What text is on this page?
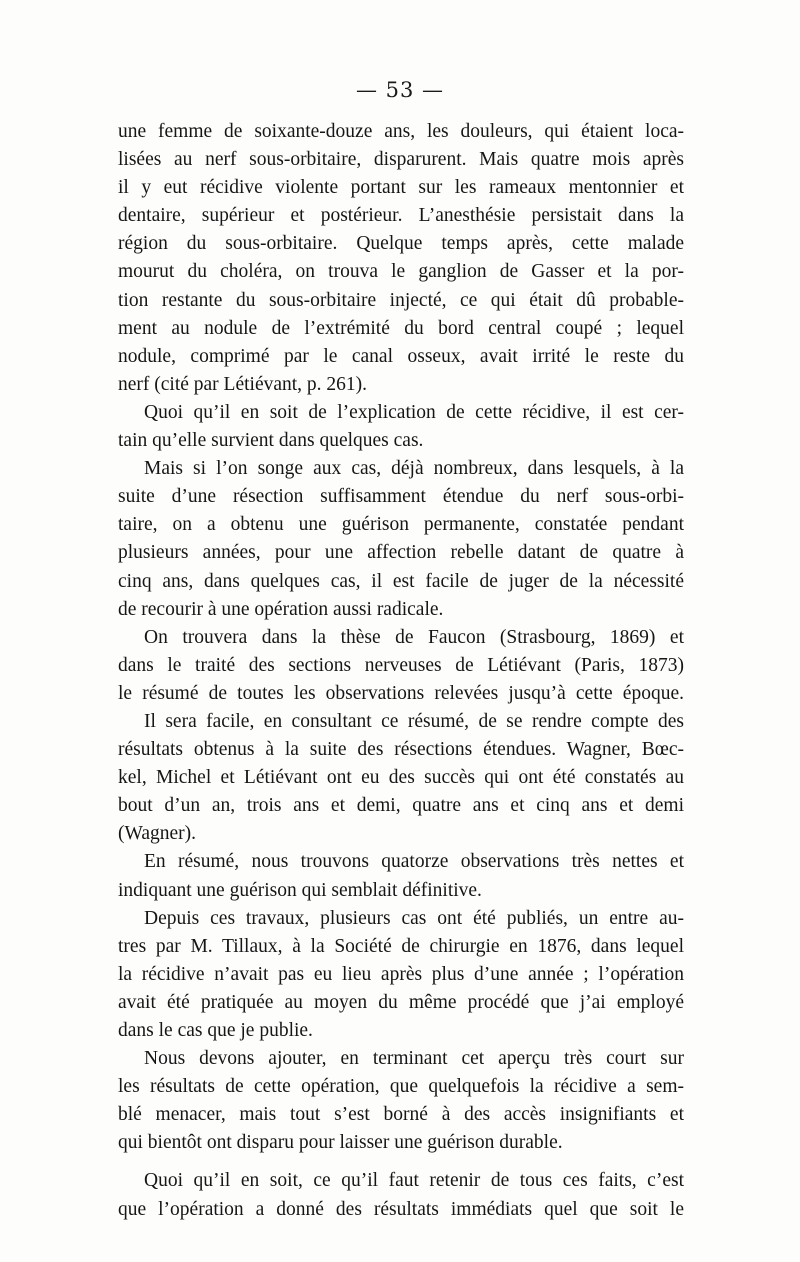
— 53 —
une femme de soixante-douze ans, les douleurs, qui étaient loca-
lisées au nerf sous-orbitaire, disparurent. Mais quatre mois après
il y eut récidive violente portant sur les rameaux mentonnier et
dentaire, supérieur et postérieur. L’anesthésie persistait dans la
région du sous-orbitaire. Quelque temps après, cette malade
mourut du choléra, on trouva le ganglion de Gasser et la por-
tion restante du sous-orbitaire injecté, ce qui était dû probable-
ment au nodule de l’extrémité du bord central coupé ; lequel
nodule, comprimé par le canal osseux, avait irrité le reste du
nerf (cité par Létiévant, p. 261).
Quoi qu’il en soit de l’explication de cette récidive, il est cer-
tain qu’elle survient dans quelques cas.
Mais si l’on songe aux cas, déjà nombreux, dans lesquels, à la
suite d’une résection suffisamment étendue du nerf sous-orbi-
taire, on a obtenu une guérison permanente, constatée pendant
plusieurs années, pour une affection rebelle datant de quatre à
cinq ans, dans quelques cas, il est facile de juger de la nécessité
de recourir à une opération aussi radicale.
On trouvera dans la thèse de Faucon (Strasbourg, 1869) et
dans le traité des sections nerveuses de Létiévant (Paris, 1873)
le résumé de toutes les observations relevées jusqu’à cette époque.
Il sera facile, en consultant ce résumé, de se rendre compte des
résultats obtenus à la suite des résections étendues. Wagner, Bœc-
kel, Michel et Létiévant ont eu des succès qui ont été constatés au
bout d’un an, trois ans et demi, quatre ans et cinq ans et demi
(Wagner).
En résumé, nous trouvons quatorze observations très nettes et
indiquant une guérison qui semblait définitive.
Depuis ces travaux, plusieurs cas ont été publiés, un entre au-
tres par M. Tillaux, à la Société de chirurgie en 1876, dans lequel
la récidive n’avait pas eu lieu après plus d’une année ; l’opération
avait été pratiquée au moyen du même procédé que j’ai employé
dans le cas que je publie.
Nous devons ajouter, en terminant cet aperçu très court sur
les résultats de cette opération, que quelquefois la récidive a sem-
blé menacer, mais tout s’est borné à des accès insignifiants et
qui bientôt ont disparu pour laisser une guérison durable.
Quoi qu’il en soit, ce qu’il faut retenir de tous ces faits, c’est
que l’opération a donné des résultats immédiats quel que soit le
